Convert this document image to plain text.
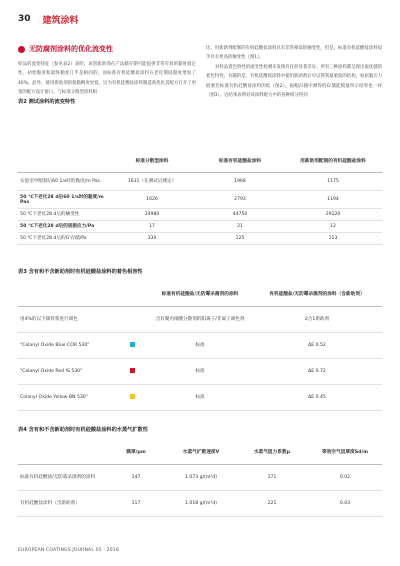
30 建筑涂料
无防腐剂涂料的优化流变性
样品的流变特征（参见表2）表明，该创新助剂在产品储存期可能提供非常有效的黏度稳定性。初始黏度和最终黏度几乎是相同的，而标准有机硅酸盐涂料在老化期间黏度增加了40%。此外，使用新助剂的使黏稠度更低，这为有机硅酸盐涂料制造商优化其配方打开了更宽的配方设计窗口。与标准分散型涂料相
表2 测试涂料的流变特性
比，用新助剂配制的有机硅酸盐涂料具有非常相似的触变性，但是，标准有机硅酸盐涂料似乎具有更高的触变性（图1）。
对样品着色特性的流变性检测未发现有任何显著差异。所有三种涂料都呈现出很优越的着色特性。有趣的是，有机硅酸盐涂料中使用新助剂后可以得到最柔软的结构，如屈服应力值要比标准有机硅酸盐涂料的低（图2）。振幅扫描中测得的G'储能模量所示结果也一样（图3）。这结果表明对该涂料配方中的各种组分得到
	标准分散型涂料	标准有机硅酸盐涂料	用新助剂配制的有机硅酸盐涂料
实验室中配制后60 1/s时的黏度/m Pas	1631（在测试后测定）	1968	1175
50 ℃下老化28 d后60 1/s时的黏度/m Pas	1626	2793	1194
50 ℃下老化28 d后的触变性	24980	44750	29220
50 ℃下老化28 d后的屈服应力/Pa	17	21	12
50 ℃下老化28 d后的G'存储/Pa	330	125	113
表3 含有和不含新助剂时有机硅酸盐涂料的着色相容性
		标准有机硅酸盐/无防霉杀菌剂的涂料	有机硅酸盐/无防霉杀菌剂的涂料（含新助剂）
用4%的以下颜料浆进行调色		含有聚丙烯酸分散剂的阳离子/非离子调色剂	2合1新助剂
"Colanyl Oxide Blue COR 530"		标准	ΔE 0.52
"Colanyl Oxide Red IS 530"		标准	ΔE 0.72
Colanyl Oxide Yellow BN 530"		标准	ΔE 0.45
表4 含有和不含新助剂时有机硅酸盐涂料的水蒸气扩散性
	膜厚/μm	水蒸气扩散速度V	水蒸气阻力系数μ	等效空气层厚度Sd/m
标准有机硅酸盐/无防霉杀菌剂的涂料	147	1.073 g/(m²d)	171	0.02
有机硅酸盐涂料（含新助剂）	117	1.018 g/(m²d)	221	0.03
EUROPEAN COATINGS JOURNAL 05 · 2018
